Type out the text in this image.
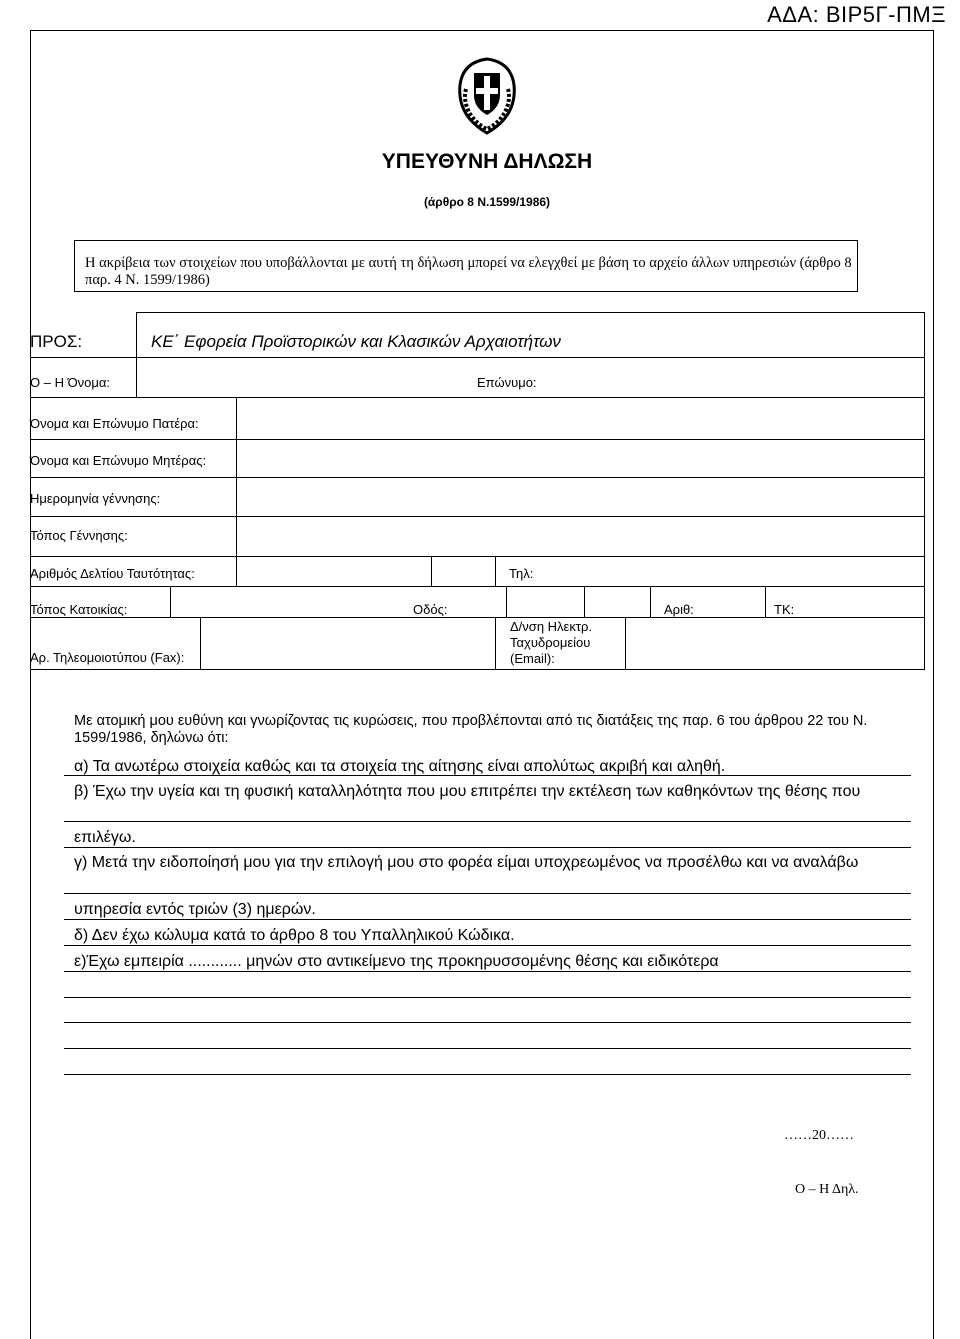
ΑΔΑ: ΒΙΡ5Γ-ΠΜΞ
ΥΠΕΥΘΥΝΗ ΔΗΛΩΣΗ
(άρθρο 8 Ν.1599/1986)
Η ακρίβεια των στοιχείων που υποβάλλονται με αυτή τη δήλωση μπορεί να ελεγχθεί με βάση το αρχείο άλλων υπηρεσιών (άρθρο 8 παρ. 4 Ν. 1599/1986)
ΠΡΟΣ:	ΚΕ΄ Εφορεία Προϊστορικών και Κλασικών Αρχαιοτήτων
Ο – Η Όνομα:	Επώνυμο:
Όνομα και Επώνυμο Πατέρα:
Όνομα και Επώνυμο Μητέρας:
Ημερομηνία γέννησης:
Τόπος Γέννησης:
Αριθμός Δελτίου Ταυτότητας:	Τηλ:
Τόπος Κατοικίας:	Οδός:	Αριθ:	ΤΚ:
Αρ. Τηλεομοιοτύπου (Fax):
Δ/νση Ηλεκτρ.
Ταχυδρομείου
(Email):
Με ατομική μου ευθύνη και γνωρίζοντας τις κυρώσεις, που προβλέπονται από τις διατάξεις της παρ. 6 του άρθρου 22 του Ν. 1599/1986, δηλώνω ότι:
α) Τα ανωτέρω στοιχεία καθώς και τα στοιχεία της αίτησης είναι απολύτως ακριβή και αληθή.
β) Έχω την υγεία και τη φυσική καταλληλότητα που μου επιτρέπει την εκτέλεση των καθηκόντων της θέσης που
επιλέγω.
γ) Μετά την ειδοποίησή μου για την επιλογή μου στο φορέα είμαι υποχρεωμένος να προσέλθω και να αναλάβω
υπηρεσία εντός τριών (3) ημερών.
δ) Δεν έχω κώλυμα κατά το άρθρο 8 του Υπαλληλικού Κώδικα.
ε)Έχω εμπειρία ............ μηνών στο αντικείμενο της προκηρυσσομένης θέσης και ειδικότερα
……20……
Ο – Η Δηλ.
